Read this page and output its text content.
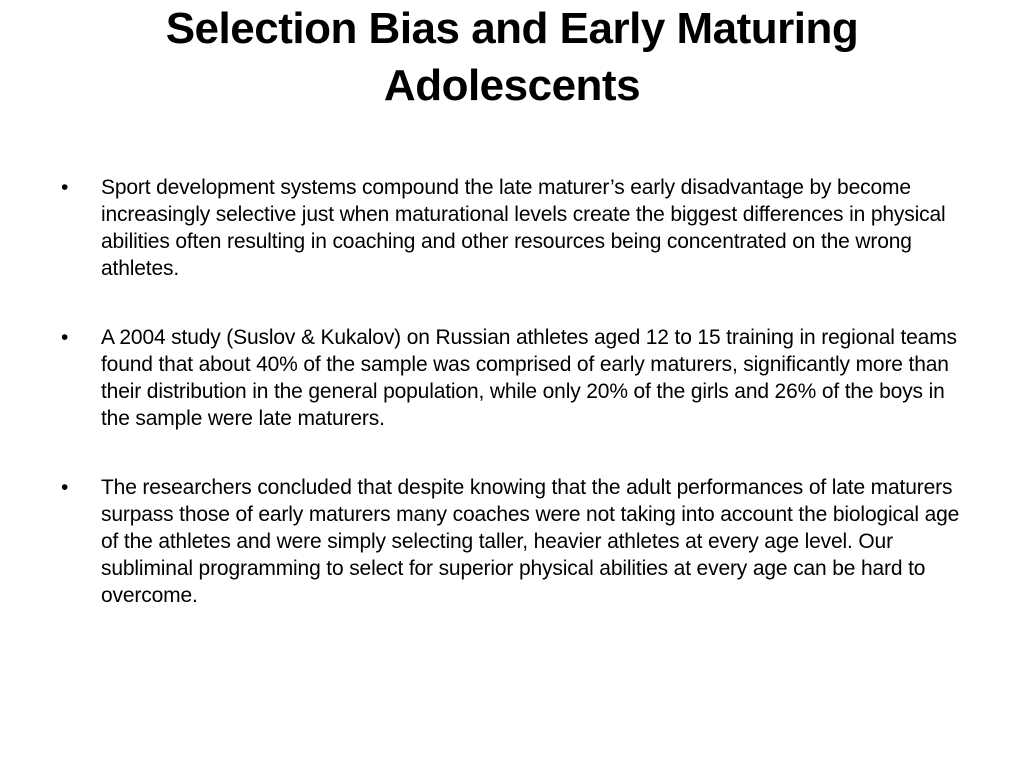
Selection Bias and Early Maturing
Adolescents
• Sport development systems compound the late maturer’s early disadvantage by become increasingly selective just when maturational levels create the biggest differences in physical abilities often resulting in coaching and other resources being concentrated on the wrong athletes.
• A 2004 study (Suslov & Kukalov) on Russian athletes aged 12 to 15 training in regional teams found that about 40% of the sample was comprised of early maturers, significantly more than their distribution in the general population, while only 20% of the girls and 26% of the boys in the sample were late maturers.
• The researchers concluded that despite knowing that the adult performances of late maturers surpass those of early maturers many coaches were not taking into account the biological age of the athletes and were simply selecting taller, heavier athletes at every age level. Our subliminal programming to select for superior physical abilities at every age can be hard to overcome.
